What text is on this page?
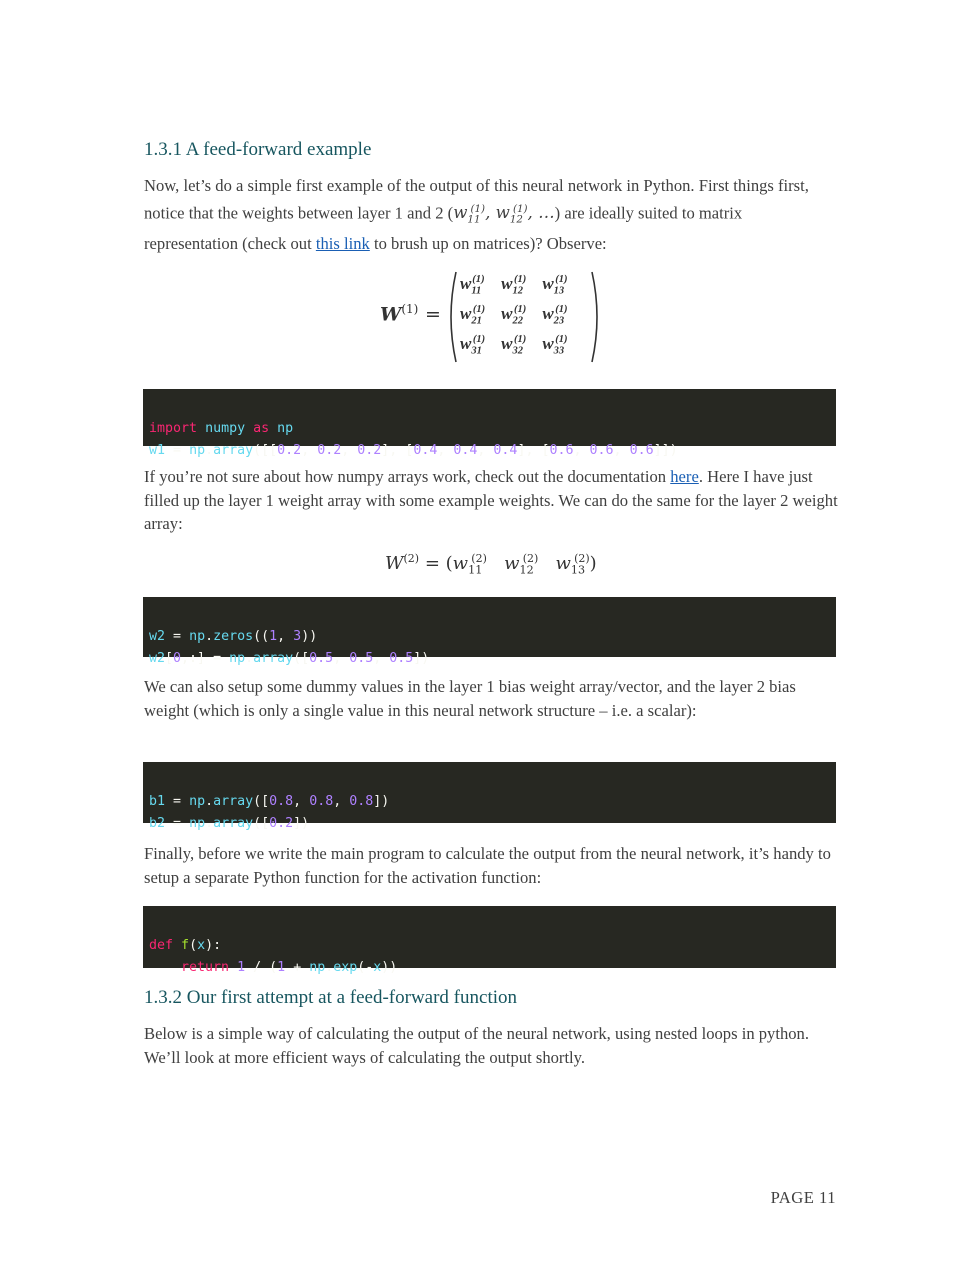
1.3.1 A feed-forward example

Now, let’s do a simple first example of the output of this neural network in Python. First things first, notice that the weights between layer 1 and 2 ($w_{11}^{(1)}$, $w_{12}^{(1)}$, …) are ideally suited to matrix representation (check out this link to brush up on matrices)? Observe:

$W^{(1)}$ =
$w_{11}^{(1)}$	$w_{12}^{(1)}$	$w_{13}^{(1)}$
$w_{21}^{(1)}$	$w_{22}^{(1)}$	$w_{23}^{(1)}$
$w_{31}^{(1)}$	$w_{32}^{(1)}$	$w_{33}^{(1)}$

import numpy as np
w1 = np.array([[0.2, 0.2, 0.2], [0.4, 0.4, 0.4], [0.6, 0.6, 0.6]])

If you’re not sure about how numpy arrays work, check out the documentation here. Here I have just filled up the layer 1 weight array with some example weights. We can do the same for the layer 2 weight array:

$W^{(2)} = (w_{11}^{(2)}$ $w_{12}^{(2)}$ $w_{13}^{(2)}$)

w2 = np.zeros((1, 3))
w2[0,:] = np.array([0.5, 0.5, 0.5])

We can also setup some dummy values in the layer 1 bias weight array/vector, and the layer 2 bias weight (which is only a single value in this neural network structure – i.e. a scalar):

b1 = np.array([0.8, 0.8, 0.8])
b2 = np.array([0.2])

Finally, before we write the main program to calculate the output from the neural network, it’s handy to setup a separate Python function for the activation function:

def f(x):
return 1 / (1 + np.exp(-x))

1.3.2 Our first attempt at a feed-forward function

Below is a simple way of calculating the output of the neural network, using nested loops in python. We’ll look at more efficient ways of calculating the output shortly.

PAGE 11
